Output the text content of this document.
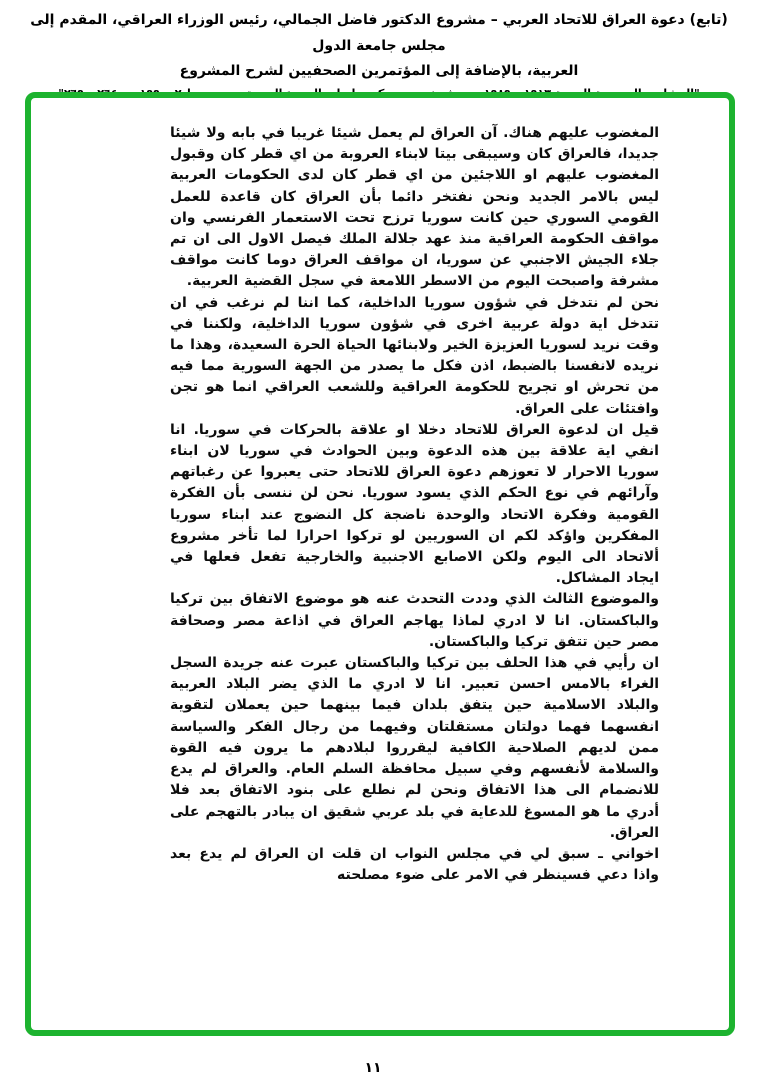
(تابع) دعوة العراق للاتحاد العربي – مشروع الدكتور فاضل الجمالي، رئيس الوزراء العراقي، المقدم إلى مجلس جامعة الدول
العربية، بالإضافة إلى المؤتمرين الصحفيين لشرح المشروع

المغضوب عليهم هناك. آن العراق لم يعمل شيئا غريبا في بابه ولا شيئا جديدا، فالعراق كان وسيبقى بيتا لابناء العروبة من اي قطر كان وقبول المغضوب عليهم او اللاجئين من اي قطر كان لدى الحكومات العربية ليس بالامر الجديد ونحن نفتخر دائما بأن العراق كان قاعدة للعمل القومي السوري حين كانت سوريا ترزح تحت الاستعمار الفرنسي وان مواقف الحكومة العراقية منذ عهد جلالة الملك فيصل الاول الى ان تم جلاء الجيش الاجنبي عن سوريا، ان مواقف العراق دوما كانت مواقف مشرفة واصبحت اليوم من الاسطر اللامعة في سجل القضية العربية.

نحن لم نتدخل في شؤون سوريا الداخلية، كما اننا لم نرغب في ان تتدخل اية دولة عربية اخرى في شؤون سوريا الداخلية، ولكننا في وقت نريد لسوريا العزيزة الخير ولابنائها الحياة الحرة السعيدة، وهذا ما نريده لانفسنا بالضبط، اذن فكل ما يصدر من الجهة السورية مما فيه من تحرش او تجريح للحكومة العراقية وللشعب العراقي انما هو تجن وافتئات على العراق.

قيل ان لدعوة العراق للاتحاد دخلا او علاقة بالحركات في سوريا. انا انفي اية علاقة بين هذه الدعوة وبين الحوادث في سوريا لان ابناء سوريا الاحرار لا تعوزهم دعوة العراق للاتحاد حتى يعبروا عن رغباتهم وآرائهم في نوع الحكم الذي يسود سوريا. نحن لن ننسى بأن الفكرة القومية وفكرة الاتحاد والوحدة ناضجة كل النضوج عند ابناء سوريا المفكرين واؤكد لكم ان السوريين لو تركوا احرارا لما تأخر مشروع ألاتحاد الى اليوم ولكن الاصابع الاجنبية والخارجية تفعل فعلها في ايجاد المشاكل.

والموضوع الثالث الذي وددت التحدث عنه هو موضوع الاتفاق بين تركيا والباكستان. انا لا ادري لماذا يهاجم العراق في اذاعة مصر وصحافة مصر حين تتفق تركيا والباكستان.

ان رأيي في هذا الحلف بين تركيا والباكستان عبرت عنه جريدة السجل الغراء بالامس احسن تعبير. انا لا ادري ما الذي يضر البلاد العربية والبلاد الاسلامية حين يتفق بلدان فيما بينهما حين يعملان لتقوية انفسهما فهما دولتان مستقلتان وفيهما من رجال الفكر والسياسة ممن لديهم الصلاحية الكافية ليقرروا لبلادهم ما يرون فيه القوة والسلامة لأنفسهم وفي سبيل محافظة السلم العام. والعراق لم يدع للانضمام الى هذا الاتفاق ونحن لم نطلع على بنود الاتفاق بعد فلا أدري ما هو المسوغ للدعاية في بلد عربي شقيق ان يبادر بالتهجم على العراق.

اخواني ـ سبق لي في مجلس النواب ان قلت ان العراق لم يدع بعد واذا دعي فسينظر في الامر على ضوء مصلحته

١١
